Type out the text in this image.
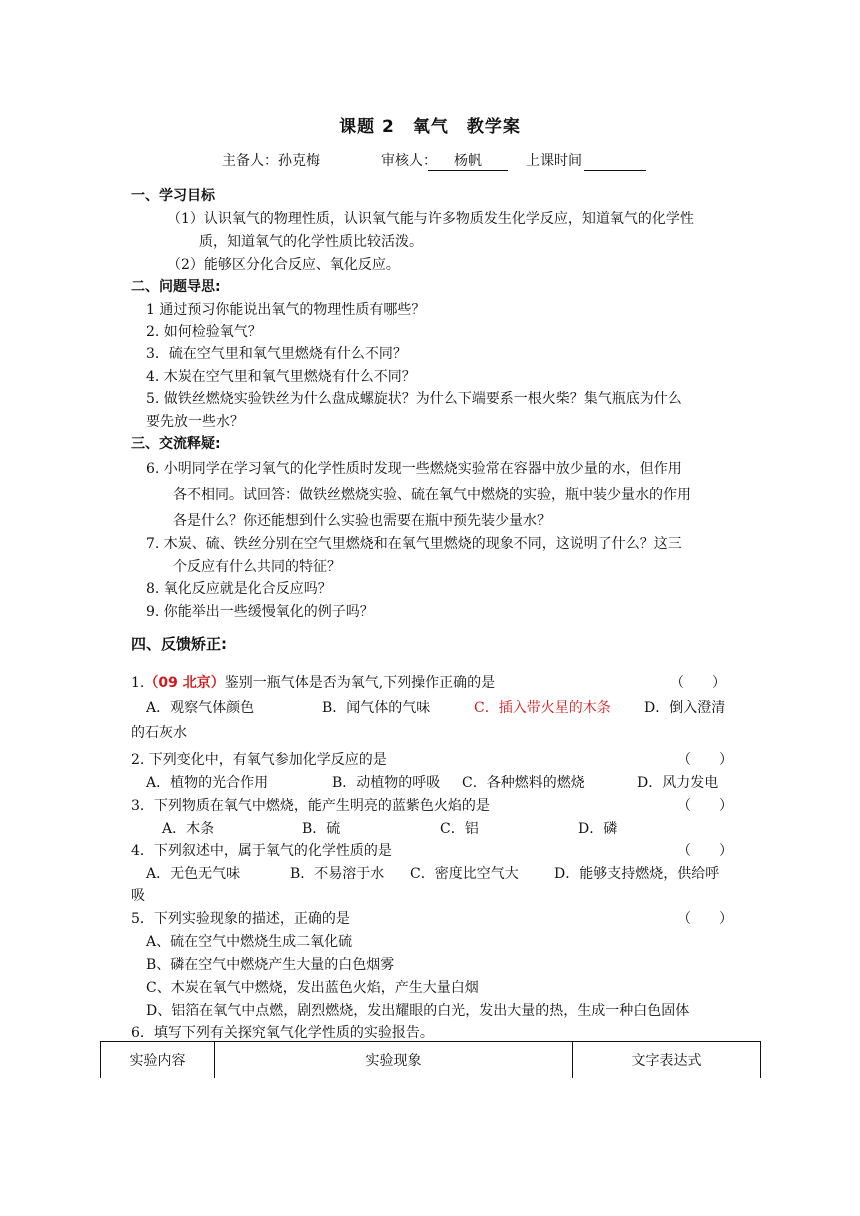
课题 2　氧气　教学案
主备人：孙克梅	审核人：	杨帆	上课时间

一、学习目标
（1）认识氧气的物理性质，认识氧气能与许多物质发生化学反应，知道氧气的化学性
质，知道氧气的化学性质比较活泼。
（2）能够区分化合反应、氧化反应。
二、问题导思:
1 通过预习你能说出氧气的物理性质有哪些？
2. 如何检验氧气？
3．硫在空气里和氧气里燃烧有什么不同？
4. 木炭在空气里和氧气里燃烧有什么不同？
5. 做铁丝燃烧实验铁丝为什么盘成螺旋状？为什么下端要系一根火柴？集气瓶底为什么
要先放一些水？
三、交流释疑:
6. 小明同学在学习氧气的化学性质时发现一些燃烧实验常在容器中放少量的水，但作用
各不相同。试回答：做铁丝燃烧实验、硫在氧气中燃烧的实验，瓶中装少量水的作用
各是什么？你还能想到什么实验也需要在瓶中预先装少量水？
7. 木炭、硫、铁丝分别在空气里燃烧和在氧气里燃烧的现象不同，这说明了什么？这三
个反应有什么共同的特征？
8. 氧化反应就是化合反应吗？
9. 你能举出一些缓慢氧化的例子吗？
四、反馈矫正:
1.（09 北京）鉴别一瓶气体是否为氧气,下列操作正确的是	（　　）
A．观察气体颜色	B．闻气体的气味	C．插入带火星的木条 D．倒入澄清
的石灰水
2. 下列变化中，有氧气参加化学反应的是	（　　）
A．植物的光合作用	B．动植物的呼吸 C．各种燃料的燃烧	D．风力发电
3．下列物质在氧气中燃烧，能产生明亮的蓝紫色火焰的是	（　　）
A．木条	B．硫	C．铝	D．磷
4．下列叙述中，属于氧气的化学性质的是	（　　）
A．无色无气味	B．不易溶于水 C．密度比空气大	D．能够支持燃烧，供给呼
吸
5．下列实验现象的描述，正确的是	（　　）
A、硫在空气中燃烧生成二氧化硫
B、磷在空气中燃烧产生大量的白色烟雾
C、木炭在氧气中燃烧，发出蓝色火焰，产生大量白烟
D、铝箔在氧气中点燃，剧烈燃烧，发出耀眼的白光，发出大量的热，生成一种白色固体
6．填写下列有关探究氧气化学性质的实验报告。
实验内容	实验现象	文字表达式
